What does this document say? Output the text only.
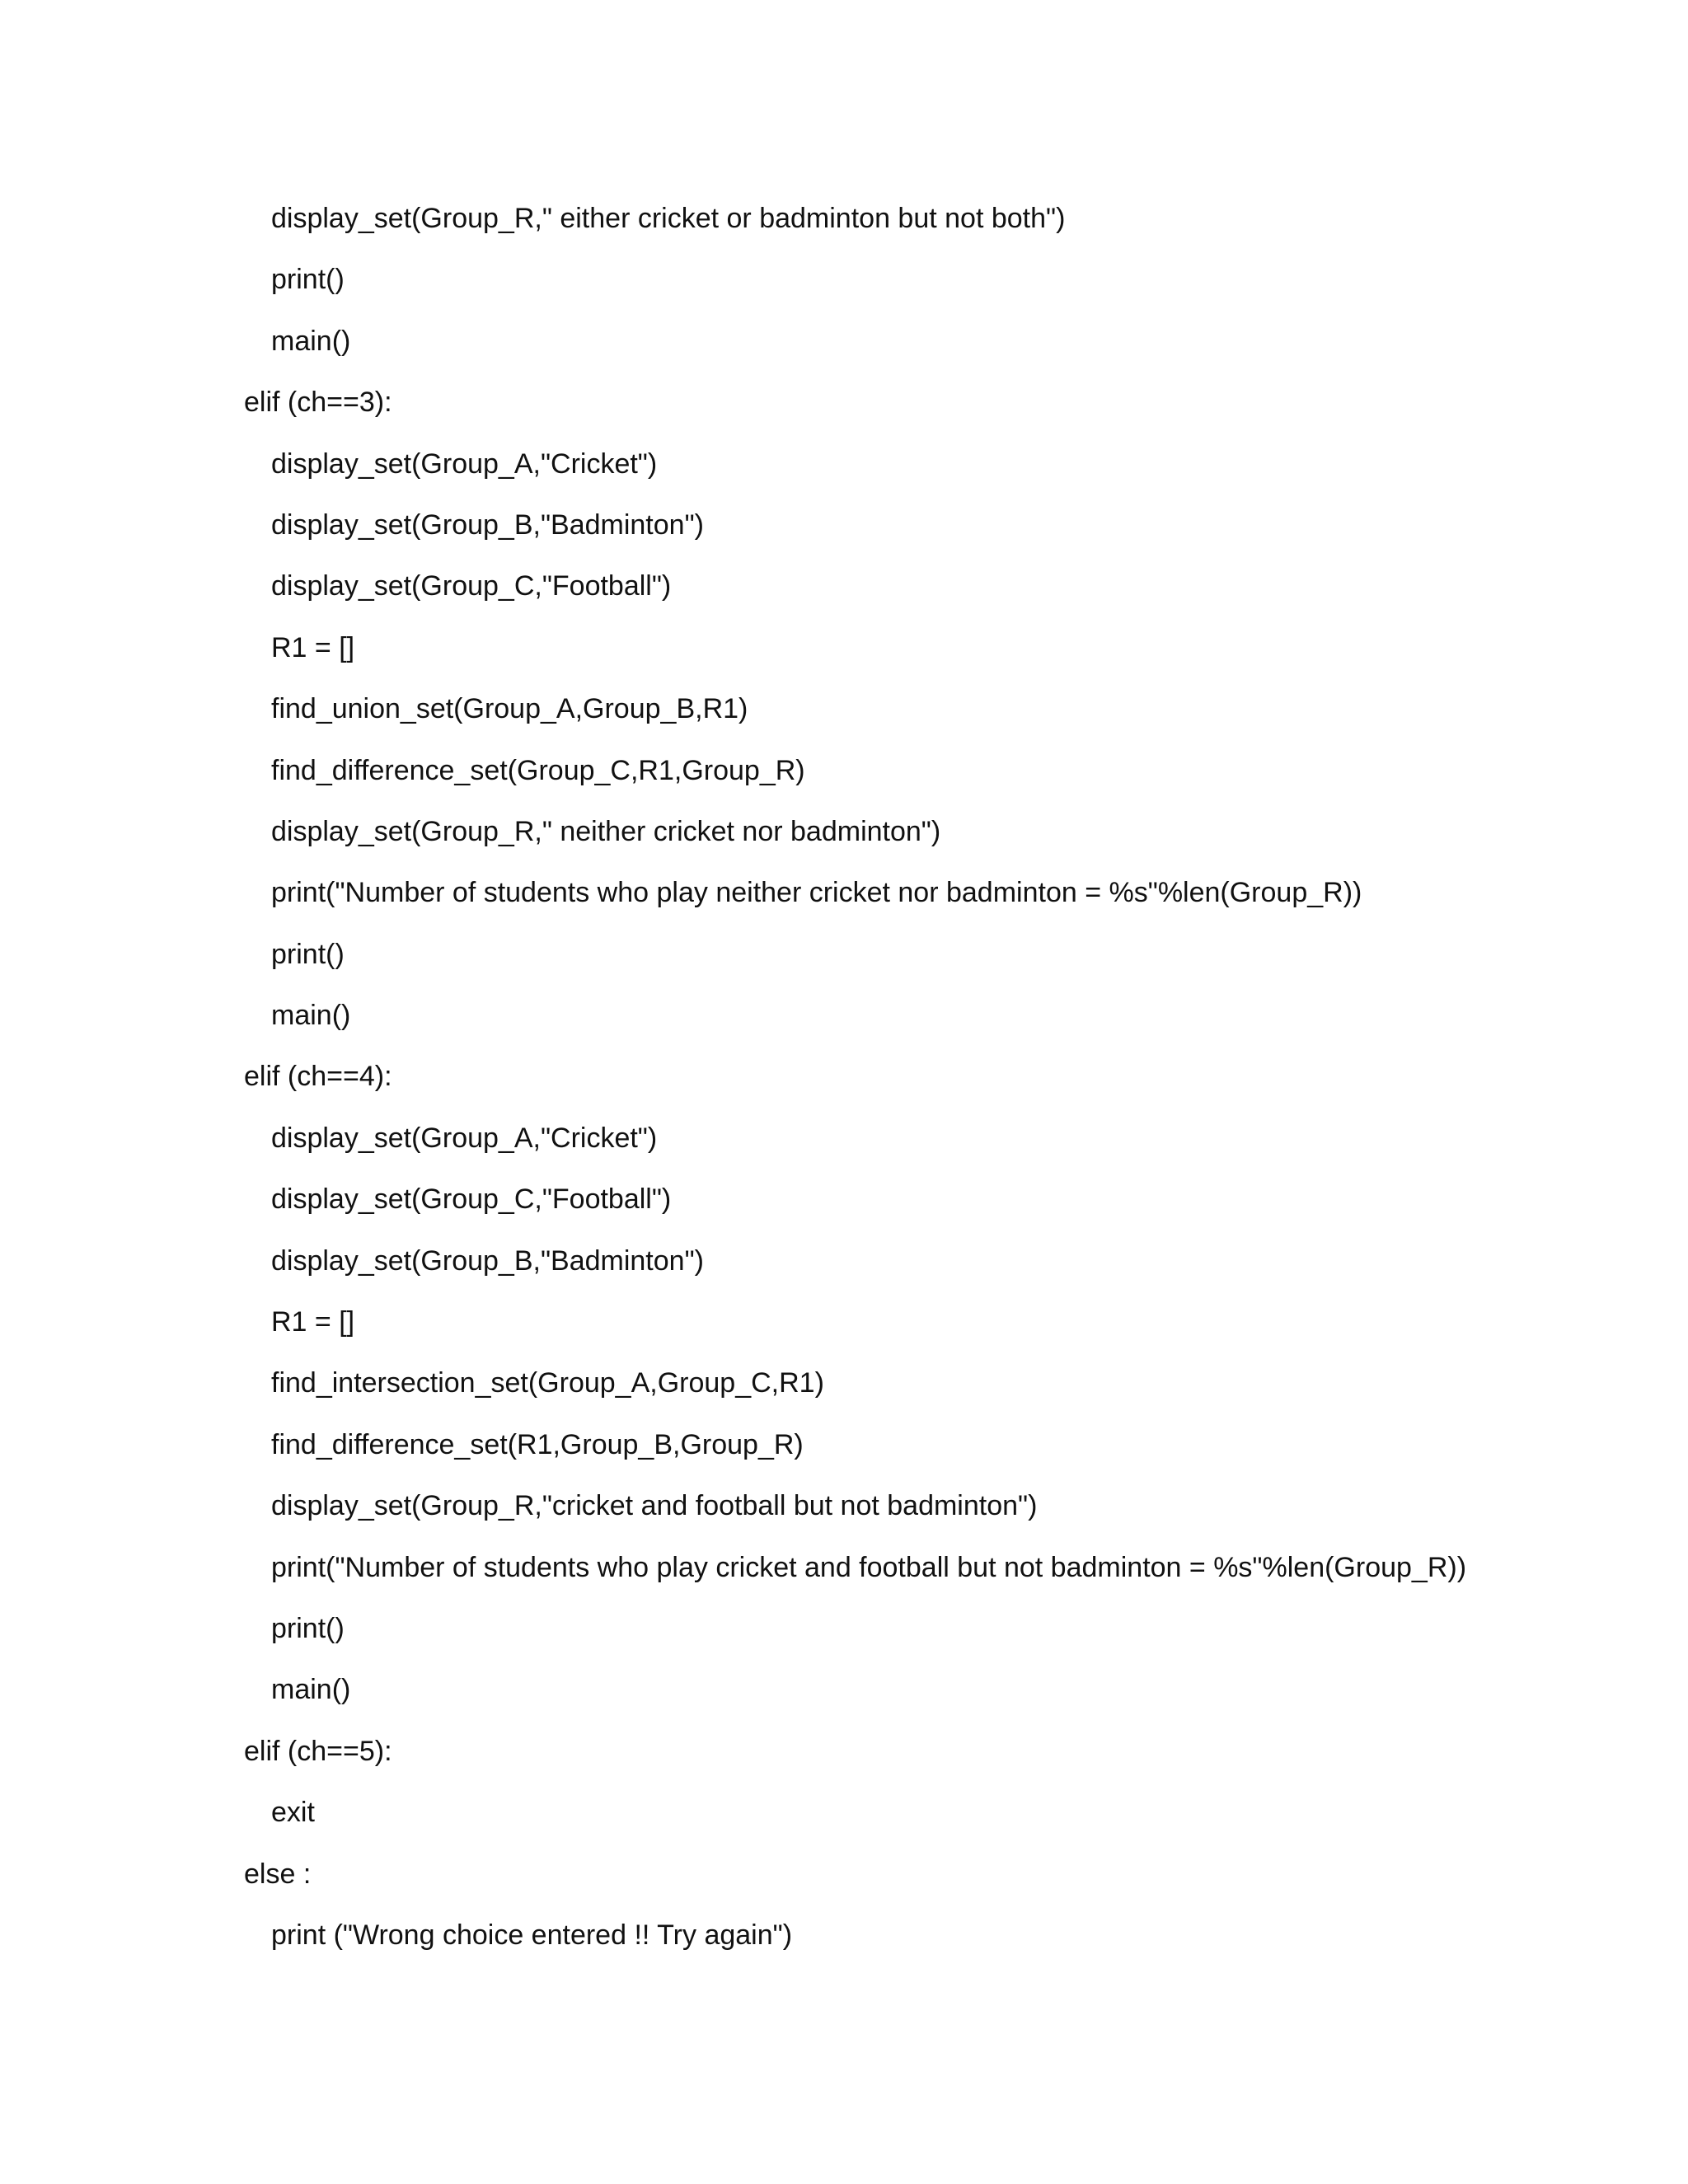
display_set(Group_R," either cricket or badminton but not both")
print()
main()
elif (ch==3):
display_set(Group_A,"Cricket")
display_set(Group_B,"Badminton")
display_set(Group_C,"Football")
R1 = []
find_union_set(Group_A,Group_B,R1)
find_difference_set(Group_C,R1,Group_R)
display_set(Group_R," neither cricket nor badminton")
print("Number of students who play neither cricket nor badminton = %s"%len(Group_R))
print()
main()
elif (ch==4):
display_set(Group_A,"Cricket")
display_set(Group_C,"Football")
display_set(Group_B,"Badminton")
R1 = []
find_intersection_set(Group_A,Group_C,R1)
find_difference_set(R1,Group_B,Group_R)
display_set(Group_R,"cricket and football but not badminton")
print("Number of students who play cricket and football but not badminton = %s"%len(Group_R))
print()
main()
elif (ch==5):
exit
else :
print ("Wrong choice entered !! Try again")
